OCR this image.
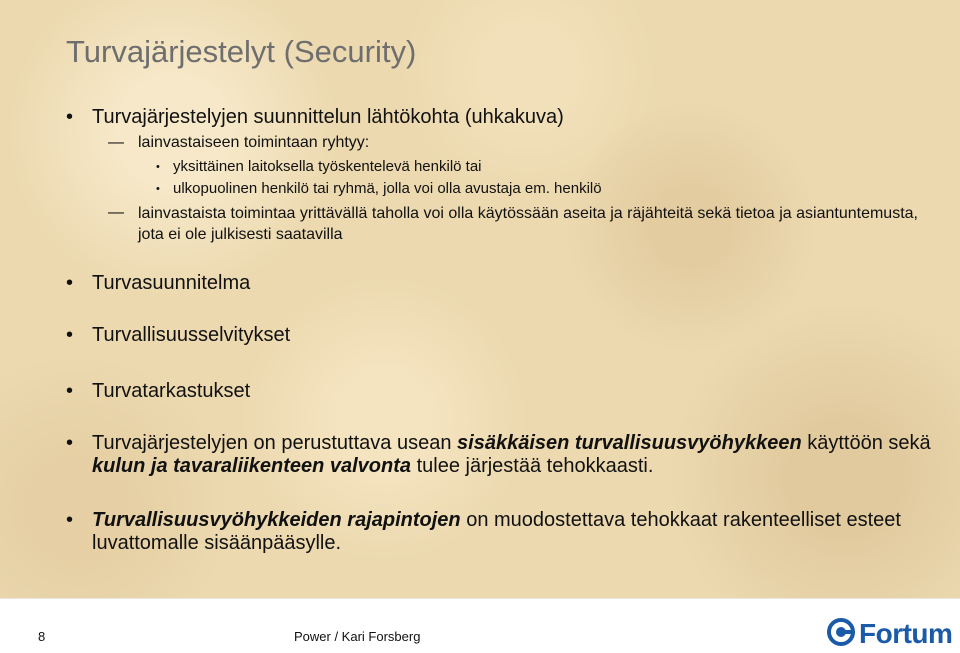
Turvajärjestelyt (Security)
• Turvajärjestelyjen suunnittelun lähtökohta (uhkakuva)
— lainvastaiseen toimintaan ryhtyy:
• yksittäinen laitoksella työskentelevä henkilö tai
• ulkopuolinen henkilö tai ryhmä, jolla voi olla avustaja em. henkilö
— lainvastaista toimintaa yrittävällä taholla voi olla käytössään aseita ja räjähteitä sekä tietoa ja asiantuntemusta, jota ei ole julkisesti saatavilla
• Turvasuunnitelma
• Turvallisuusselvitykset
• Turvatarkastukset
• Turvajärjestelyjen on perustuttava usean sisäkkäisen turvallisuusvyöhykkeen käyttöön sekä kulun ja tavaraliikenteen valvonta tulee järjestää tehokkaasti.
• Turvallisuusvyöhykkeiden rajapintojen on muodostettava tehokkaat rakenteelliset esteet luvattomalle sisäänpääsylle.
8	Power / Kari Forsberg	Fortum
